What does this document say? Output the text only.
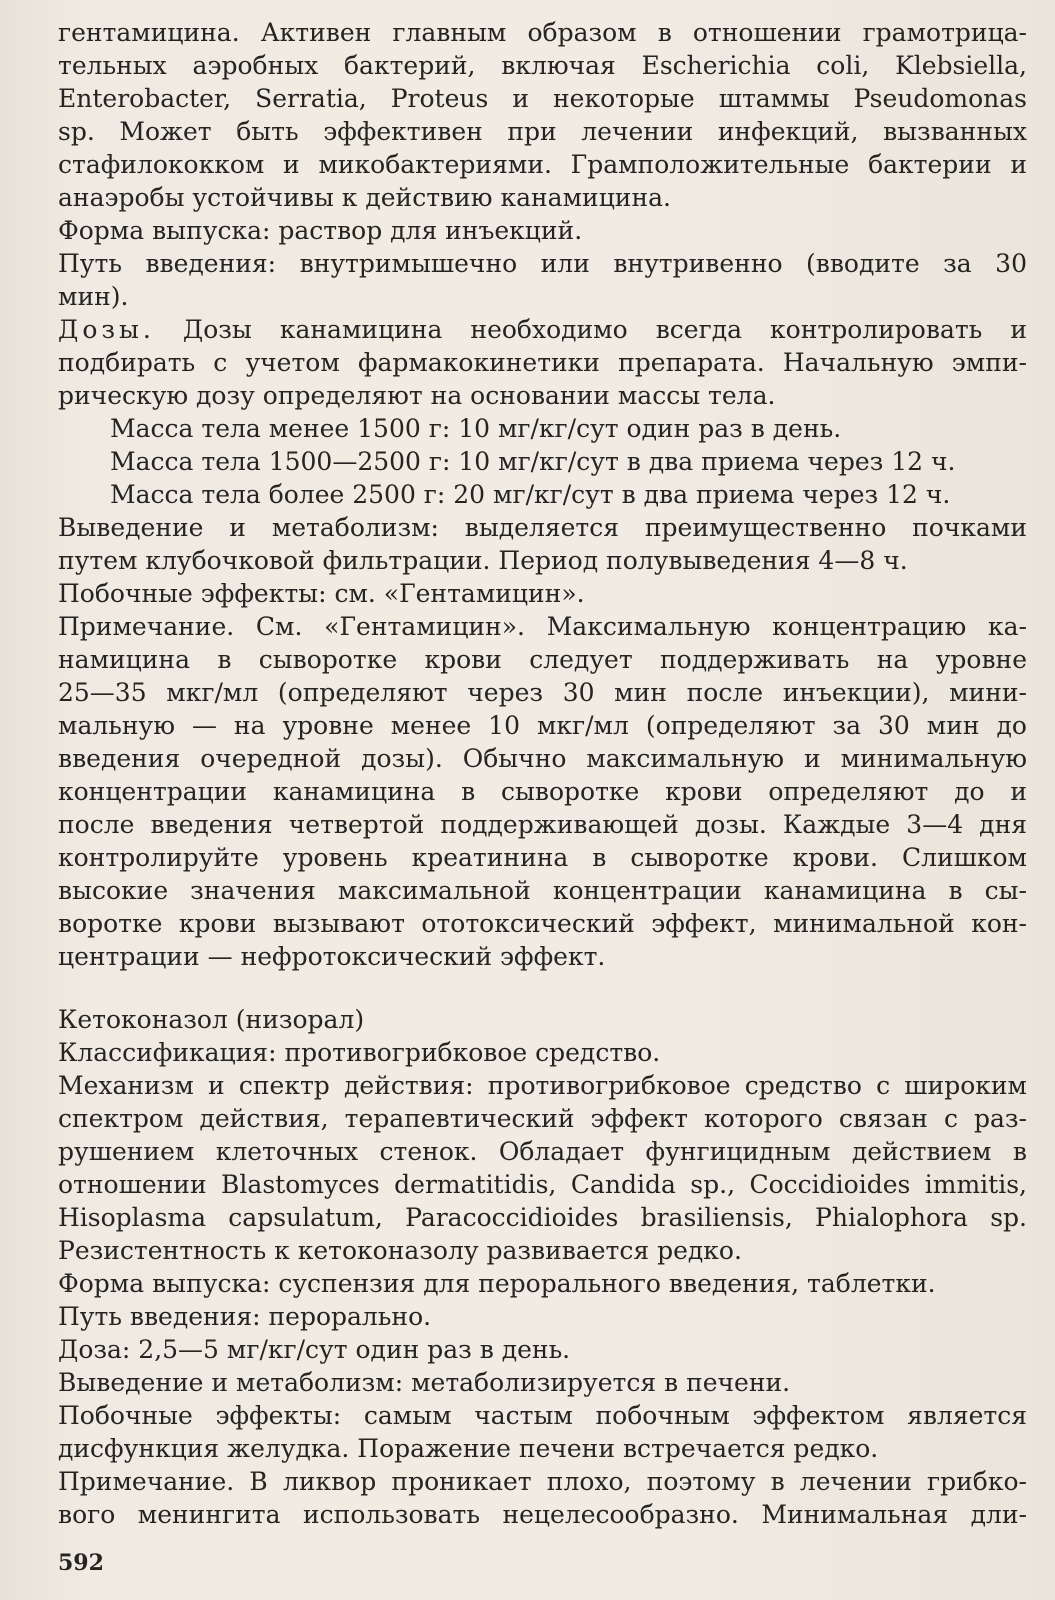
гентамицина. Активен главным образом в отношении грамотрица-
тельных аэробных бактерий, включая Escherichia coli, Klebsiella,
Enterobacter, Serratia, Proteus и некоторые штаммы Pseudomonas
sp. Может быть эффективен при лечении инфекций, вызванных
стафилококком и микобактериями. Грамположительные бактерии и
анаэробы устойчивы к действию канамицина.
Форма выпуска: раствор для инъекций.
Путь введения: внутримышечно или внутривенно (вводите за 30
мин).
Дозы. Дозы канамицина необходимо всегда контролировать и
подбирать с учетом фармакокинетики препарата. Начальную эмпи-
рическую дозу определяют на основании массы тела.
Масса тела менее 1500 г: 10 мг/кг/сут один раз в день.
Масса тела 1500—2500 г: 10 мг/кг/сут в два приема через 12 ч.
Масса тела более 2500 г: 20 мг/кг/сут в два приема через 12 ч.
Выведение и метаболизм: выделяется преимущественно почками
путем клубочковой фильтрации. Период полувыведения 4—8 ч.
Побочные эффекты: см. «Гентамицин».
Примечание. См. «Гентамицин». Максимальную концентрацию ка-
намицина в сыворотке крови следует поддерживать на уровне
25—35 мкг/мл (определяют через 30 мин после инъекции), мини-
мальную — на уровне менее 10 мкг/мл (определяют за 30 мин до
введения очередной дозы). Обычно максимальную и минимальную
концентрации канамицина в сыворотке крови определяют до и
после введения четвертой поддерживающей дозы. Каждые 3—4 дня
контролируйте уровень креатинина в сыворотке крови. Слишком
высокие значения максимальной концентрации канамицина в сы-
воротке крови вызывают ототоксический эффект, минимальной кон-
центрации — нефротоксический эффект.
Кетоконазол (низорал)
Классификация: противогрибковое средство.
Механизм и спектр действия: противогрибковое средство с широким
спектром действия, терапевтический эффект которого связан с раз-
рушением клеточных стенок. Обладает фунгицидным действием в
отношении Blastomyces dermatitidis, Candida sp., Coccidioides immitis,
Hisoplasma capsulatum, Paracoccidioides brasiliensis, Phialophora sp.
Резистентность к кетоконазолу развивается редко.
Форма выпуска: суспензия для перорального введения, таблетки.
Путь введения: перорально.
Доза: 2,5—5 мг/кг/сут один раз в день.
Выведение и метаболизм: метаболизируется в печени.
Побочные эффекты: самым частым побочным эффектом является
дисфункция желудка. Поражение печени встречается редко.
Примечание. В ликвор проникает плохо, поэтому в лечении грибко-
вого менингита использовать нецелесообразно. Минимальная дли-
592
